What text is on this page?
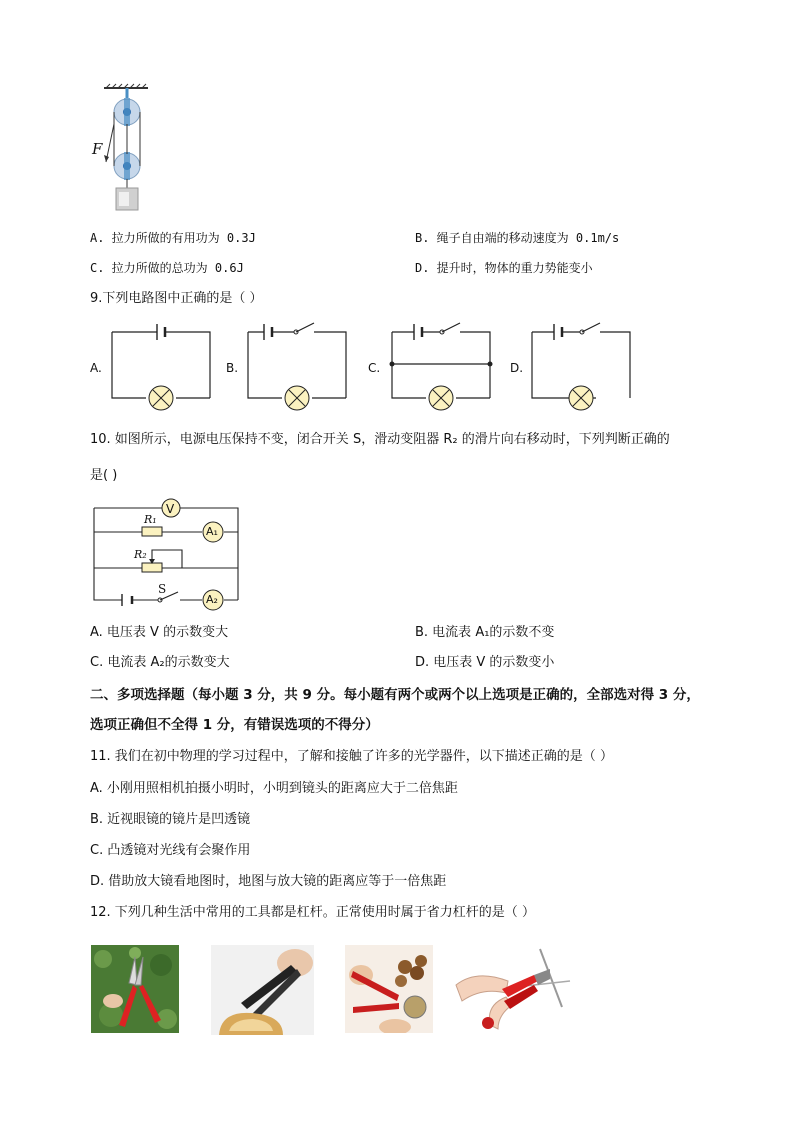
F
A. 拉力所做的有用功为 0.3J	B. 绳子自由端的移动速度为 0.1m/s
C. 拉力所做的总功为 0.6J	D. 提升时，物体的重力势能变小
9.下列电路图中正确的是（ ）
A.	B.	C.	D.
10. 如图所示，电源电压保持不变，闭合开关 S，滑动变阻器 R₂ 的滑片向右移动时，下列判断正确的
是( )
V
R₁
A₁
R₂
S
A₂
A. 电压表 V 的示数变大	B. 电流表 A₁的示数不变
C. 电流表 A₂的示数变大	D. 电压表 V 的示数变小
二、多项选择题（每小题 3 分，共 9 分。每小题有两个或两个以上选项是正确的，全部选对得 3 分，
选项正确但不全得 1 分，有错误选项的不得分）
11. 我们在初中物理的学习过程中，了解和接触了许多的光学器件，以下描述正确的是（ ）
A. 小刚用照相机拍摄小明时，小明到镜头的距离应大于二倍焦距
B. 近视眼镜的镜片是凹透镜
C. 凸透镜对光线有会聚作用
D. 借助放大镜看地图时，地图与放大镜的距离应等于一倍焦距
12. 下列几种生活中常用的工具都是杠杆。正常使用时属于省力杠杆的是（ ）
